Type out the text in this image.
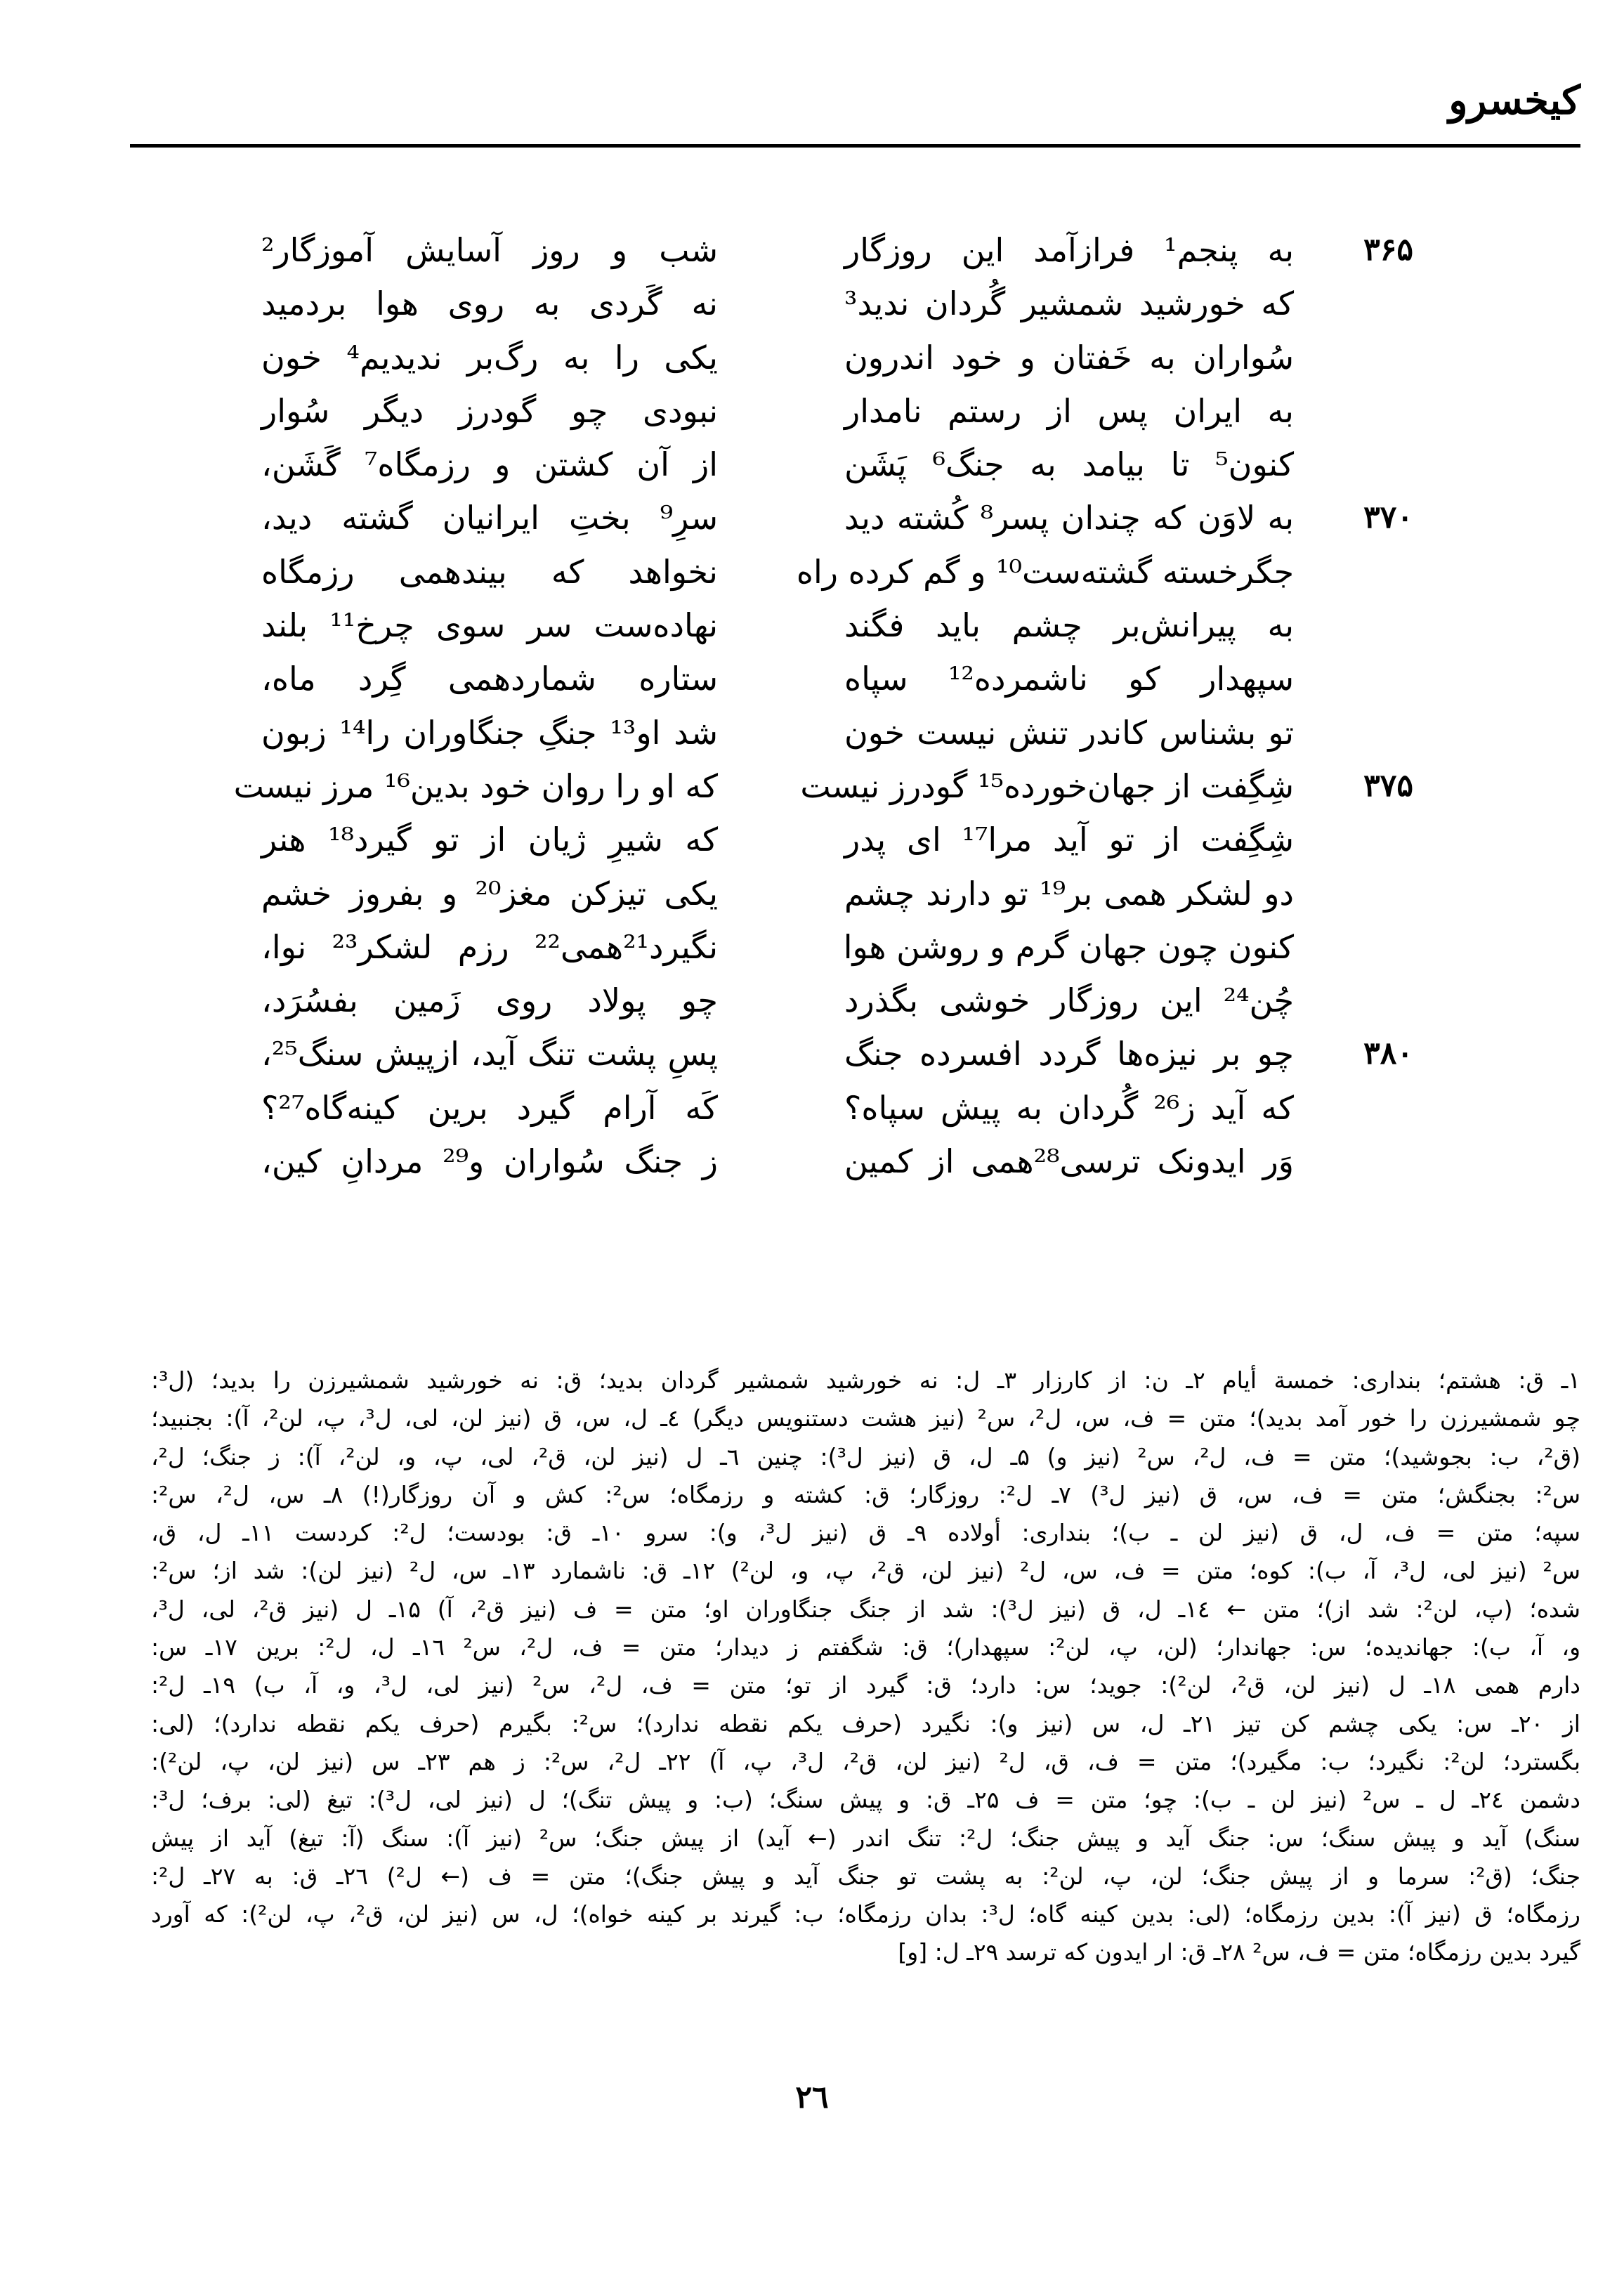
کیخسرو
۳۶۵
به پنجم¹ فرازآمد این روزگار
شب و روز آسایش آموزگار²
که خورشید شمشیر گُردان ندید³
نه گَردی به روی هوا بردمید
سُواران به خَفتان و خود اندرون
یکی را به رگ‌بر ندیدیم⁴ خون
به ایران پس از رستم نامدار
نبودی چو گودرز دیگر سُوار
کنون⁵ تا بیامد به جنگ⁶ پَشَن
از آن کشتن و رزمگاه⁷ گَشَن،
۳۷۰
به لاوَن که چندان پسر⁸ کُشته دید
سرِ⁹ بختِ ایرانیان گشته دید،
جگرخسته گشته‌ست¹⁰ و گم کرده راه
نخواهد که بیندهمی رزمگاه
به پیرانش‌بر چشم باید فگند
نهاده‌ست سر سوی چرخ¹¹ بلند
سپهدار کو ناشمرده¹² سپاه
ستاره شماردهمی گِرد ماه،
تو بشناس کاندر تنش نیست خون
شد او¹³ جنگِ جنگاوران را¹⁴ زبون
۳۷۵
شِگِفت از جهان‌خورده¹⁵ گودرز نیست
که او را روان خود بدین¹⁶ مرز نیست
شِگِفت از تو آید مرا¹⁷ ای پدر
که شیرِ ژیان از تو گیرد¹⁸ هنر
دو لشکر همی بر¹⁹ تو دارند چشم
یکی تیزکن مغز²⁰ و بفروز خشم
کنون چون جهان گرم و روشن هوا
نگیرد²¹همی²² رزم لشکر²³ نوا،
چُن²⁴ این روزگار خوشی بگذرد
چو پولاد روی زَمین بفسُرَد،
۳۸۰
چو بر نیزه‌ها گردد افسرده جنگ
پسِ پشت تنگ آید، ازپیش سنگ²⁵،
که آید ز²⁶ گُردان به پیش سپاه؟
کَه آرام گیرد برین کینه‌گاه²⁷؟
وَر ایدونک ترسی²⁸همی از کمین
ز جنگ سُواران و²⁹ مردانِ کین،
۱ـ ق: هشتم؛ بنداری: خمسة أيام ۲ـ ن: از کارزار ۳ـ ل: نه خورشید شمشیر گردان بدید؛ ق: نه خورشید شمشیرزن را بدید؛ (ل³:
چو شمشیرزن را خور آمد بدید)؛ متن = ف، س، ل²، س² (نیز هشت دستنویس دیگر) ٤ـ ل، س، ق (نیز لن، لی، ل³، پ، لن²، آ): بجنبید؛
(ق²، ب: بجوشید)؛ متن = ف، ل²، س² (نیز و) ۵ـ ل، ق (نیز ل³): چنین ٦ـ ل (نیز لن، ق²، لی، پ، و، لن²، آ): ز جنگ؛ ل²،
س²: بجنگش؛ متن = ف، س، ق (نیز ل³) ۷ـ ل²: روزگار؛ ق: کشته و رزمگاه؛ س²: کش و آن روزگار(!) ۸ـ س، ل²، س²:
سپه؛ متن = ف، ل، ق (نیز لن ـ ب)؛ بنداری: أولاده ۹ـ ق (نیز ل³، و): سرو ۱۰ـ ق: بودست؛ ل²: کردست ۱۱ـ ل، ق،
س² (نیز لی، ل³، آ، ب): کوه؛ متن = ف، س، ل² (نیز لن، ق²، پ، و، لن²) ۱۲ـ ق: ناشمارد ۱۳ـ س، ل² (نیز لن): شد از؛ س²:
شده؛ (پ، لن²: شد از)؛ متن ← ۱٤ـ ل، ق (نیز ل³): شد از جنگ جنگاوران او؛ متن = ف (نیز ق²، آ) ۱۵ـ ل (نیز ق²، لی، ل³،
و، آ، ب): جهاندیده؛ س: جهاندار؛ (لن، پ، لن²: سپهدار)؛ ق: شگفتم ز دیدار؛ متن = ف، ل²، س² ۱٦ـ ل، ل²: برین ۱۷ـ س:
دارم همی ۱۸ـ ل (نیز لن، ق²، لن²): جوید؛ س: دارد؛ ق: گیرد از تو؛ متن = ف، ل²، س² (نیز لی، ل³، و، آ، ب) ۱۹ـ ل²:
از ۲۰ـ س: یکی چشم کن تیز ۲۱ـ ل، س (نیز و): نگیرد (حرف یکم نقطه ندارد)؛ س²: بگیرم (حرف یکم نقطه ندارد)؛ (لی:
بگسترد؛ لن²: نگیرد؛ ب: مگیرد)؛ متن = ف، ق، ل² (نیز لن، ق²، ل³، پ، آ) ۲۲ـ ل²، س²: ز هم ۲۳ـ س (نیز لن، پ، لن²):
دشمن ۲٤ـ ل ـ س² (نیز لن ـ ب): چو؛ متن = ف ۲۵ـ ق: و پیش سنگ؛ (ب: و پیش تنگ)؛ ل (نیز لی، ل³): تیغ (لی: برف؛ ل³:
سنگ) آید و پیش سنگ؛ س: جنگ آید و پیش جنگ؛ ل²: تنگ اندر (← آید) از پیش جنگ؛ س² (نیز آ): سنگ (آ: تیغ) آید از پیش
جنگ؛ (ق²: سرما و از پیش جنگ؛ لن، پ، لن²: به پشت تو جنگ آید و پیش جنگ)؛ متن = ف (← ل²) ۲٦ـ ق: به ۲۷ـ ل²:
رزمگاه؛ ق (نیز آ): بدین رزمگاه؛ (لی: بدین کینه گاه؛ ل³: بدان رزمگاه؛ ب: گیرند بر کینه خواه)؛ ل، س (نیز لن، ق²، پ، لن²): که آورد
گیرد بدین رزمگاه؛ متن = ف، س² ۲۸ـ ق: ار ایدون که ترسد ۲۹ـ ل: [و]
۲٦
